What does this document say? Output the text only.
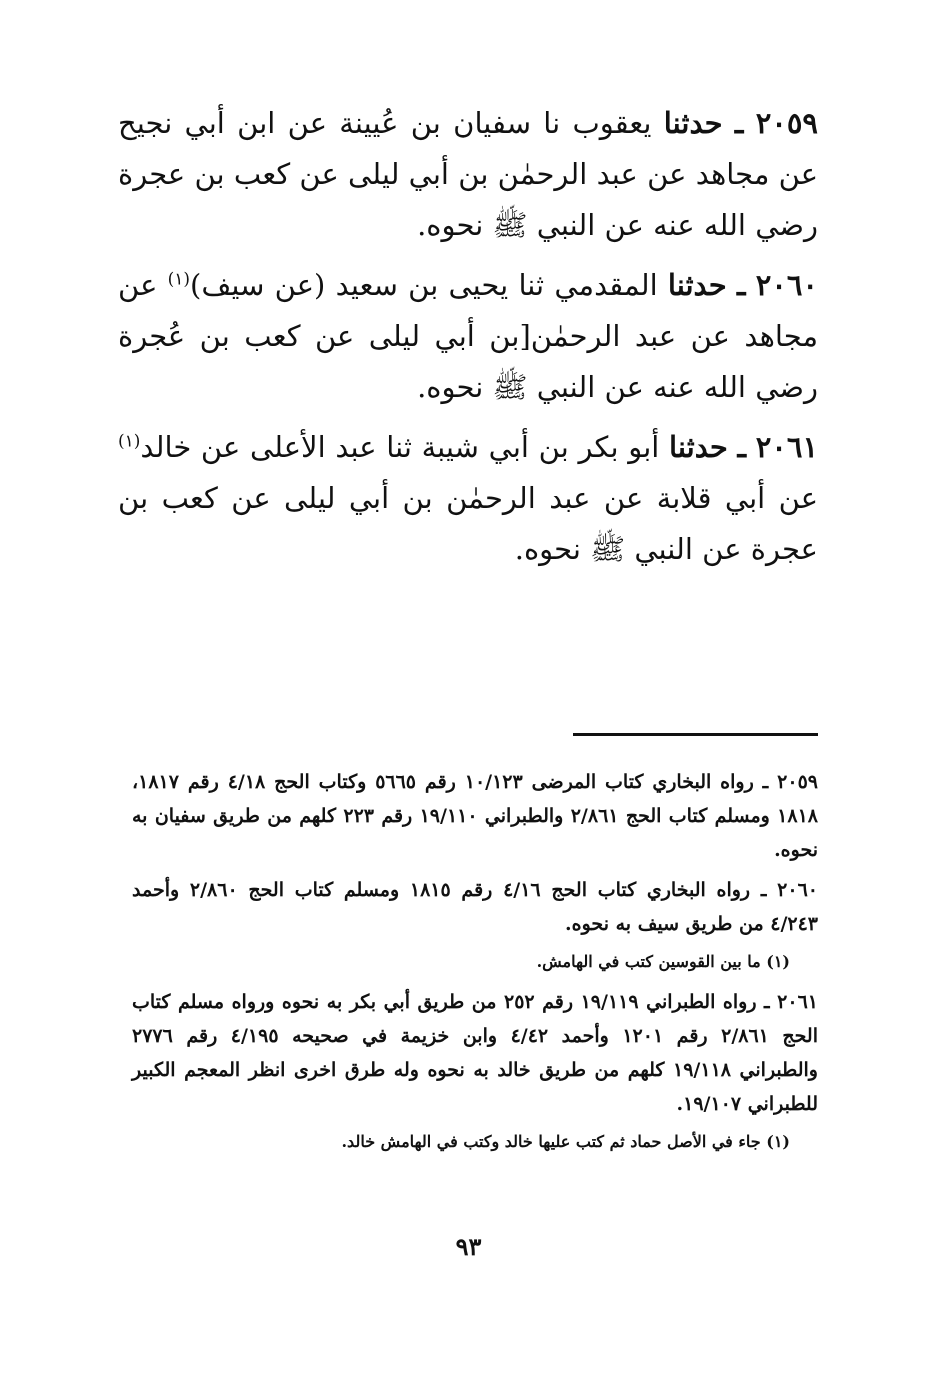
٢٠٥٩ ـ حدثنا يعقوب نا سفيان بن عُيينة عن ابن أبي نجيح عن مجاهد عن عبد الرحمٰن بن أبي ليلى عن كعب بن عجرة رضي الله عنه عن النبي ﷺ نحوه.

٢٠٦٠ ـ حدثنا المقدمي ثنا يحيى بن سعيد (عن سيف)$^{(١)}$ عن مجاهد عن عبد الرحمٰن[بن أبي ليلى عن كعب بن عُجرة رضي الله عنه عن النبي ﷺ نحوه.

٢٠٦١ ـ حدثنا أبو بكر بن أبي شيبة ثنا عبد الأعلى عن خالد$^{(١)}$ عن أبي قلابة عن عبد الرحمٰن بن أبي ليلى عن كعب بن عجرة عن النبي ﷺ نحوه.

٢٠٥٩ ـ رواه البخاري كتاب المرضى ١٠/١٢٣ رقم ٥٦٦٥ وكتاب الحج ٤/١٨ رقم ١٨١٧، ١٨١٨ ومسلم كتاب الحج ٢/٨٦١ والطبراني ١٩/١١٠ رقم ٢٢٣ كلهم من طريق سفيان به نحوه.
٢٠٦٠ ـ رواه البخاري كتاب الحج ٤/١٦ رقم ١٨١٥ ومسلم كتاب الحج ٢/٨٦٠ وأحمد ٤/٢٤٣ من طريق سيف به نحوه.
(١) ما بين القوسين كتب في الهامش.
٢٠٦١ ـ رواه الطبراني ١٩/١١٩ رقم ٢٥٢ من طريق أبي بكر به نحوه ورواه مسلم كتاب الحج ٢/٨٦١ رقم ١٢٠١ وأحمد ٤/٤٢ وابن خزيمة في صحيحه ٤/١٩٥ رقم ٢٧٧٦ والطبراني ١٩/١١٨ كلهم من طريق خالد به نحوه وله طرق اخرى انظر المعجم الكبير للطبراني ١٩/١٠٧.
(١) جاء في الأصل حماد ثم كتب عليها خالد وكتب في الهامش خالد.
٩٣
